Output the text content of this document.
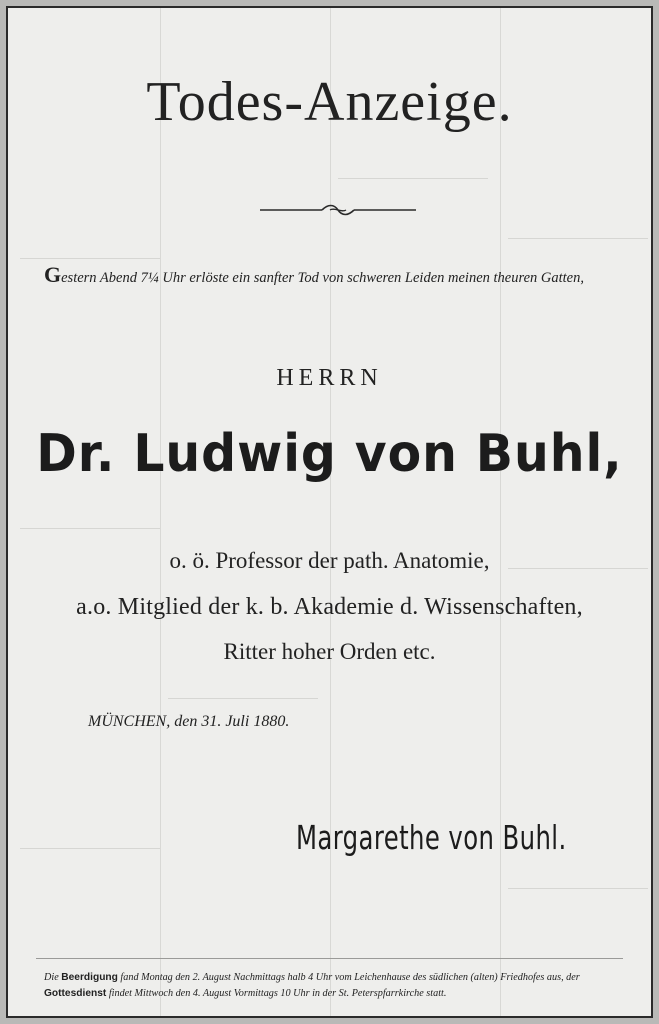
Todes-Anzeige.
Gestern Abend 7¼ Uhr erlöste ein sanfter Tod von schweren Leiden meinen theuren Gatten,
HERRN
Dr. Ludwig von Buhl,
o. ö. Professor der path. Anatomie,
a.o. Mitglied der k. b. Akademie d. Wissenschaften,
Ritter hoher Orden etc.
MÜNCHEN, den 31. Juli 1880.
Margarethe von Buhl.
Die Beerdigung fand Montag den 2. August Nachmittags halb 4 Uhr vom Leichenhause des südlichen (alten) Friedhofes aus, der Gottesdienst findet Mittwoch den 4. August Vormittags 10 Uhr in der St. Peterspfarrkirche statt.
